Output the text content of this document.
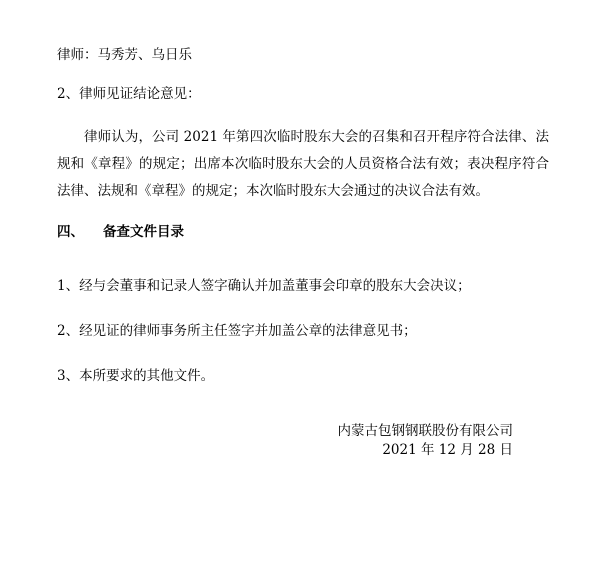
律师：马秀芳、乌日乐
2、律师见证结论意见：
律师认为，公司 2021 年第四次临时股东大会的召集和召开程序符合法律、法规和《章程》的规定；出席本次临时股东大会的人员资格合法有效；表决程序符合法律、法规和《章程》的规定；本次临时股东大会通过的决议合法有效。
四、 备查文件目录
1、经与会董事和记录人签字确认并加盖董事会印章的股东大会决议；
2、经见证的律师事务所主任签字并加盖公章的法律意见书；
3、本所要求的其他文件。
内蒙古包钢钢联股份有限公司
2021 年 12 月 28 日
